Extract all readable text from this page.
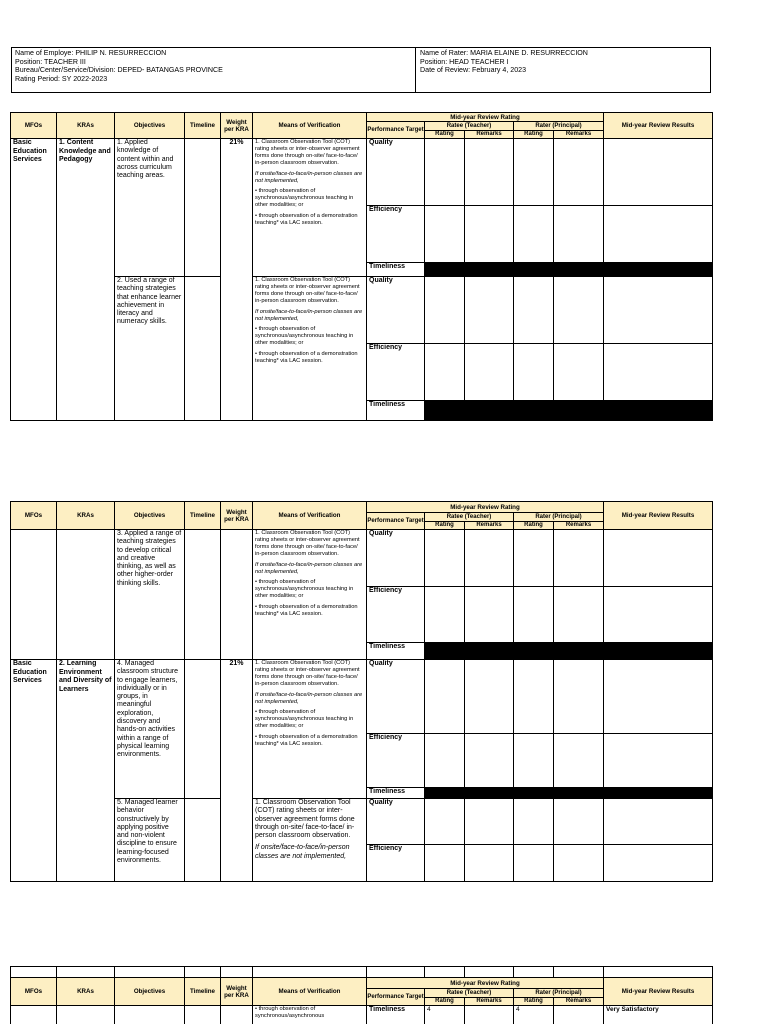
Name of Employe: PHILIP N. RESURRECCION
Position: TEACHER III
Bureau/Center/Service/Division: DEPED- BATANGAS PROVINCE
Rating Period: SY 2022-2023
Name of Rater: MARIA ELAINE D. RESURRECCION
Position: HEAD TEACHER I
Date of Review: February 4, 2023
MFOs	KRAs	Objectives	Timeline	Weight per KRA	Means of Verification	Mid-year Review Rating					Mid-year Review Results
						Performance Target	Ratee (Teacher)		Rater (Principal)		
							Rating	Remarks	Rating	Remarks	
Basic Education Services	1. Content Knowledge and Pedagogy	1. Applied knowledge of content within and across curriculum teaching areas.		21%	1. Classroom Observation Tool (COT) rating sheets or inter-observer agreement forms done through on-site/ face-to-face/ in-person classroom observation.

If onsite/face-to-face/in-person classes are not implemented,

• through observation of synchronous/asynchronous teaching in other modalities; or

• through observation of a demonstration teaching* via LAC session.	Quality					
						Efficiency					
						Timeliness					
		2. Used a range of teaching strategies that enhance learner achievement in literacy and numeracy skills.			1. Classroom Observation Tool (COT) rating sheets or inter-observer agreement forms done through on-site/ face-to-face/ in-person classroom observation.

If onsite/face-to-face/in-person classes are not implemented,

• through observation of synchronous/asynchronous teaching in other modalities; or

• through observation of a demonstration teaching* via LAC session.	Quality					
						Efficiency					
						Timeliness					
MFOs	KRAs	Objectives	Timeline	Weight per KRA	Means of Verification	Mid-year Review Rating					Mid-year Review Results
						Performance Target	Ratee (Teacher)		Rater (Principal)		
							Rating	Remarks	Rating	Remarks	
		3. Applied a range of teaching strategies to develop critical and creative thinking, as well as other higher-order thinking skills.			1. Classroom Observation Tool (COT) rating sheets or inter-observer agreement forms done through on-site/ face-to-face/ in-person classroom observation.

If onsite/face-to-face/in-person classes are not implemented,

• through observation of synchronous/asynchronous teaching in other modalities; or

• through observation of a demonstration teaching* via LAC session.	Quality					
						Efficiency					
						Timeliness					
Basic Education Services	2. Learning Environment and Diversity of Learners	4. Managed classroom structure to engage learners, individually or in groups, in meaningful exploration, discovery and hands-on activities within a range of physical learning environments.		21%	1. Classroom Observation Tool (COT) rating sheets or inter-observer agreement forms done through on-site/ face-to-face/ in-person classroom observation.

If onsite/face-to-face/in-person classes are not implemented,

• through observation of synchronous/asynchronous teaching in other modalities; or

• through observation of a demonstration teaching* via LAC session.	Quality					
						Efficiency					
						Timeliness					
		5. Managed learner behavior constructively by applying positive and non-violent discipline to ensure learning-focused environments.			1. Classroom Observation Tool (COT) rating sheets or inter-observer agreement forms done through on-site/ face-to-face/ in-person classroom observation.

If onsite/face-to-face/in-person classes are not implemented,	Quality					
						Efficiency					

MFOs	KRAs	Objectives	Timeline	Weight per KRA	Means of Verification	Mid-year Review Rating					Mid-year Review Results
						Performance Target	Ratee (Teacher)		Rater (Principal)		
							Rating	Remarks	Rating	Remarks	
					• through observation of synchronous/asynchronous	Timeliness	4		4		Very Satisfactory
